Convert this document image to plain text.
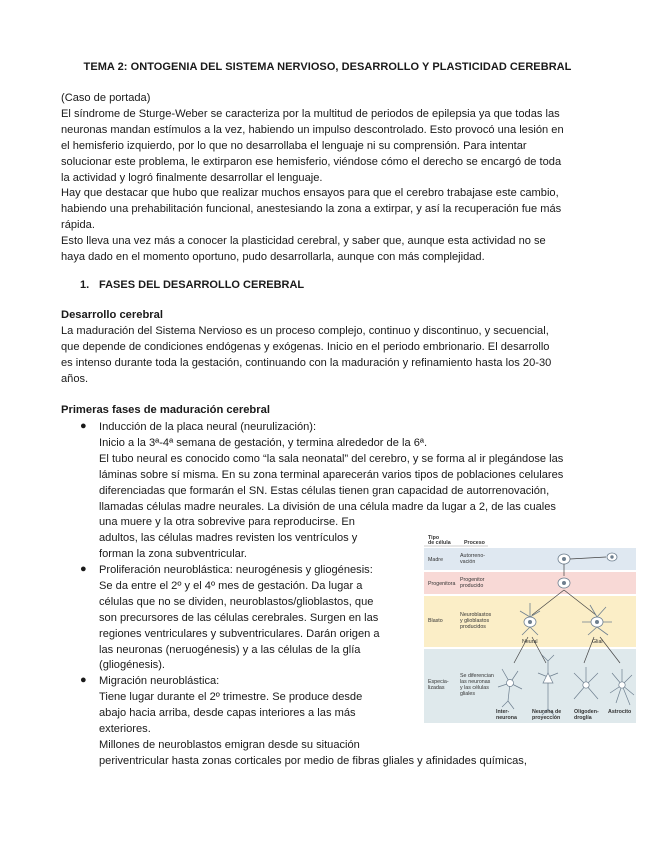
TEMA 2: ONTOGENIA DEL SISTEMA NERVIOSO, DESARROLLO Y PLASTICIDAD CEREBRAL
(Caso de portada)
El síndrome de Sturge-Weber se caracteriza por la multitud de periodos de epilepsia ya que todas las
neuronas mandan estímulos a la vez, habiendo un impulso descontrolado. Esto provocó una lesión en
el hemisferio izquierdo, por lo que no desarrollaba el lenguaje ni su comprensión. Para intentar
solucionar este problema, le extirparon ese hemisferio, viéndose cómo el derecho se encargó de toda
la actividad y logró finalmente desarrollar el lenguaje.
Hay que destacar que hubo que realizar muchos ensayos para que el cerebro trabajase este cambio,
habiendo una prehabilitación funcional, anestesiando la zona a extirpar, y así la recuperación fue más
rápida.
Esto lleva una vez más a conocer la plasticidad cerebral, y saber que, aunque esta actividad no se
haya dado en el momento oportuno, pudo desarrollarla, aunque con más complejidad.
1. FASES DEL DESARROLLO CEREBRAL
Desarrollo cerebral
La maduración del Sistema Nervioso es un proceso complejo, continuo y discontinuo, y secuencial,
que depende de condiciones endógenas y exógenas. Inicio en el periodo embrionario. El desarrollo
es intenso durante toda la gestación, continuando con la maduración y refinamiento hasta los 20-30
años.
Primeras fases de maduración cerebral
● Inducción de la placa neural (neurulización):
Inicio a la 3ª-4ª semana de gestación, y termina alrededor de la 6ª.
El tubo neural es conocido como “la sala neonatal” del cerebro, y se forma al ir plegándose las
láminas sobre sí misma. En su zona terminal aparecerán varios tipos de poblaciones celulares
diferenciadas que formarán el SN. Estas células tienen gran capacidad de autorrenovación,
llamadas células madre neurales. La división de una célula madre da lugar a 2, de las cuales
una muere y la otra sobrevive para reproducirse. En
adultos, las células madres revisten los ventrículos y
forman la zona subventricular.
● Proliferación neuroblástica: neurogénesis y gliogénesis:
Se da entre el 2º y el 4º mes de gestación. Da lugar a
células que no se dividen, neuroblastos/glioblastos, que
son precursores de las células cerebrales. Surgen en las
regiones ventriculares y subventriculares. Darán origen a
las neuronas (neruogénesis) y a las células de la glía
(gliogénesis).
● Migración neuroblástica:
Tiene lugar durante el 2º trimestre. Se produce desde
abajo hacia arriba, desde capas interiores a las más
exteriores.
Millones de neuroblastos emigran desde su situación
periventricular hasta zonas corticales por medio de fibras gliales y afinidades químicas,
Tipo
de célula	Proceso
Madre
Autorreno-
vación
Progenitora
Progenitor
producido
Blasto
Neuroblastos
y glioblastos
producidos
Especia-
lizadas
Se diferencian
las neuronas
y las células
gliales
Neural	Glial
Inter-
neurona
Neurona de
proyección
Oligoden-
droglía
Astrocito
